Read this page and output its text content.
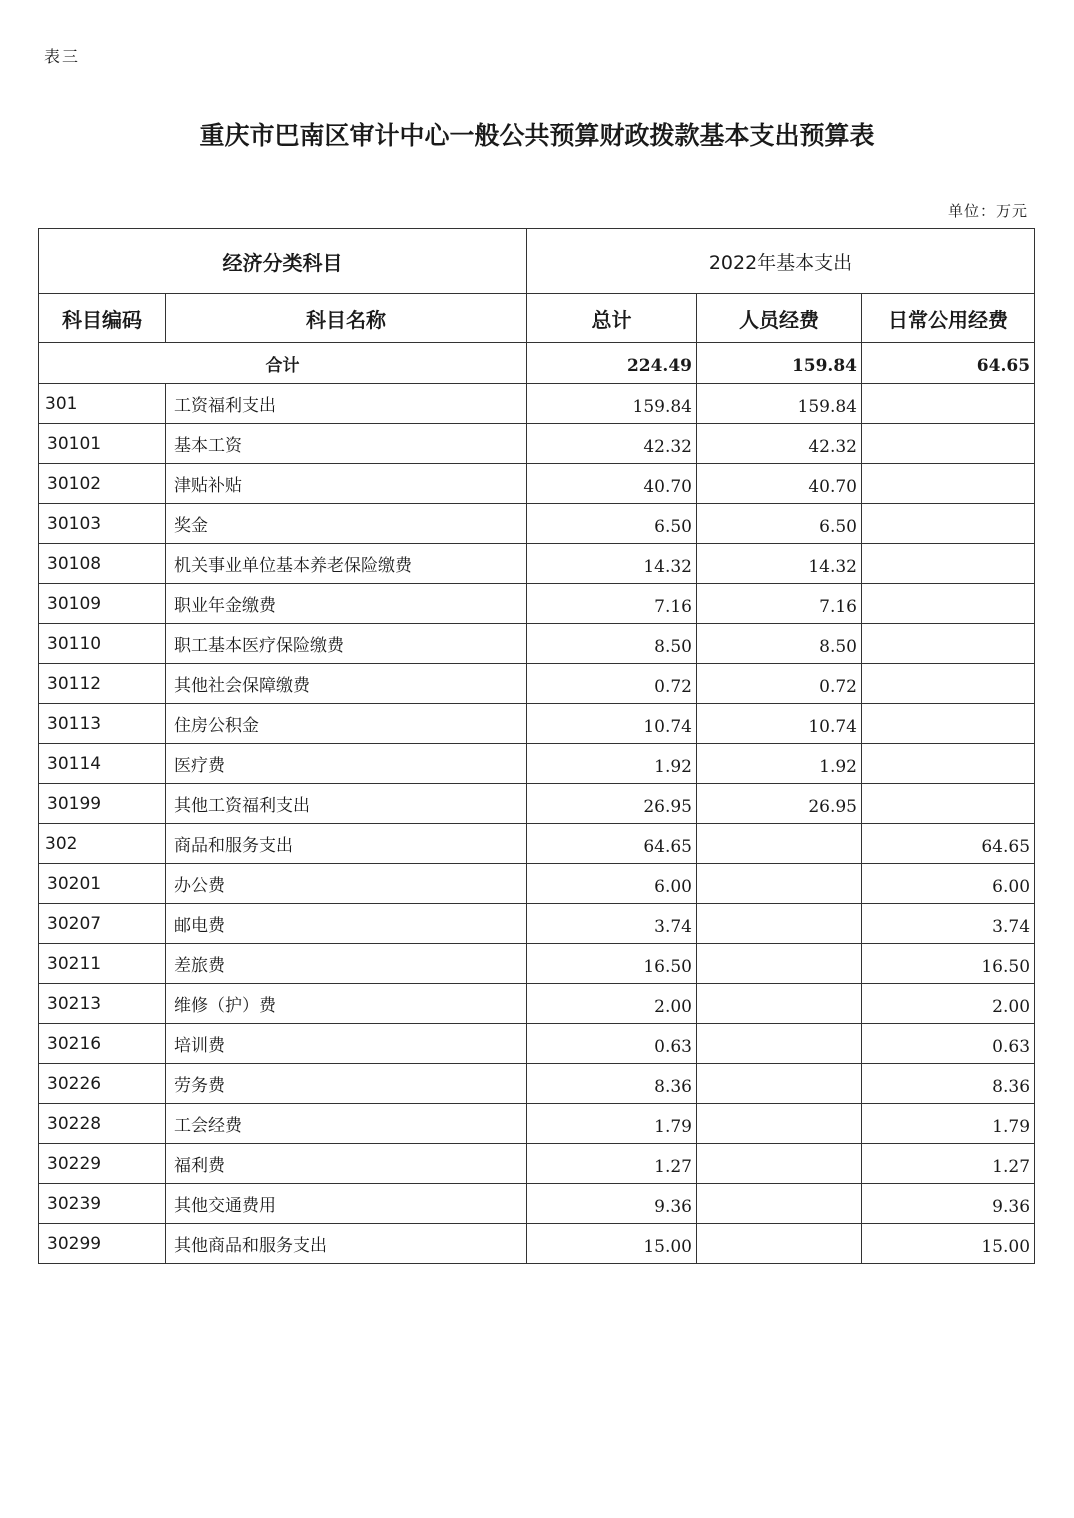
表三
重庆市巴南区审计中心一般公共预算财政拨款基本支出预算表
单位：万元
经济分类科目		2022年基本支出		
科目编码	科目名称	总计	人员经费	日常公用经费
合计		224.49	159.84	64.65
301	工资福利支出	159.84	159.84	
30101	基本工资	42.32	42.32	
30102	津贴补贴	40.70	40.70	
30103	奖金	6.50	6.50	
30108	机关事业单位基本养老保险缴费	14.32	14.32	
30109	职业年金缴费	7.16	7.16	
30110	职工基本医疗保险缴费	8.50	8.50	
30112	其他社会保障缴费	0.72	0.72	
30113	住房公积金	10.74	10.74	
30114	医疗费	1.92	1.92	
30199	其他工资福利支出	26.95	26.95	
302	商品和服务支出	64.65		64.65
30201	办公费	6.00		6.00
30207	邮电费	3.74		3.74
30211	差旅费	16.50		16.50
30213	维修（护）费	2.00		2.00
30216	培训费	0.63		0.63
30226	劳务费	8.36		8.36
30228	工会经费	1.79		1.79
30229	福利费	1.27		1.27
30239	其他交通费用	9.36		9.36
30299	其他商品和服务支出	15.00		15.00
